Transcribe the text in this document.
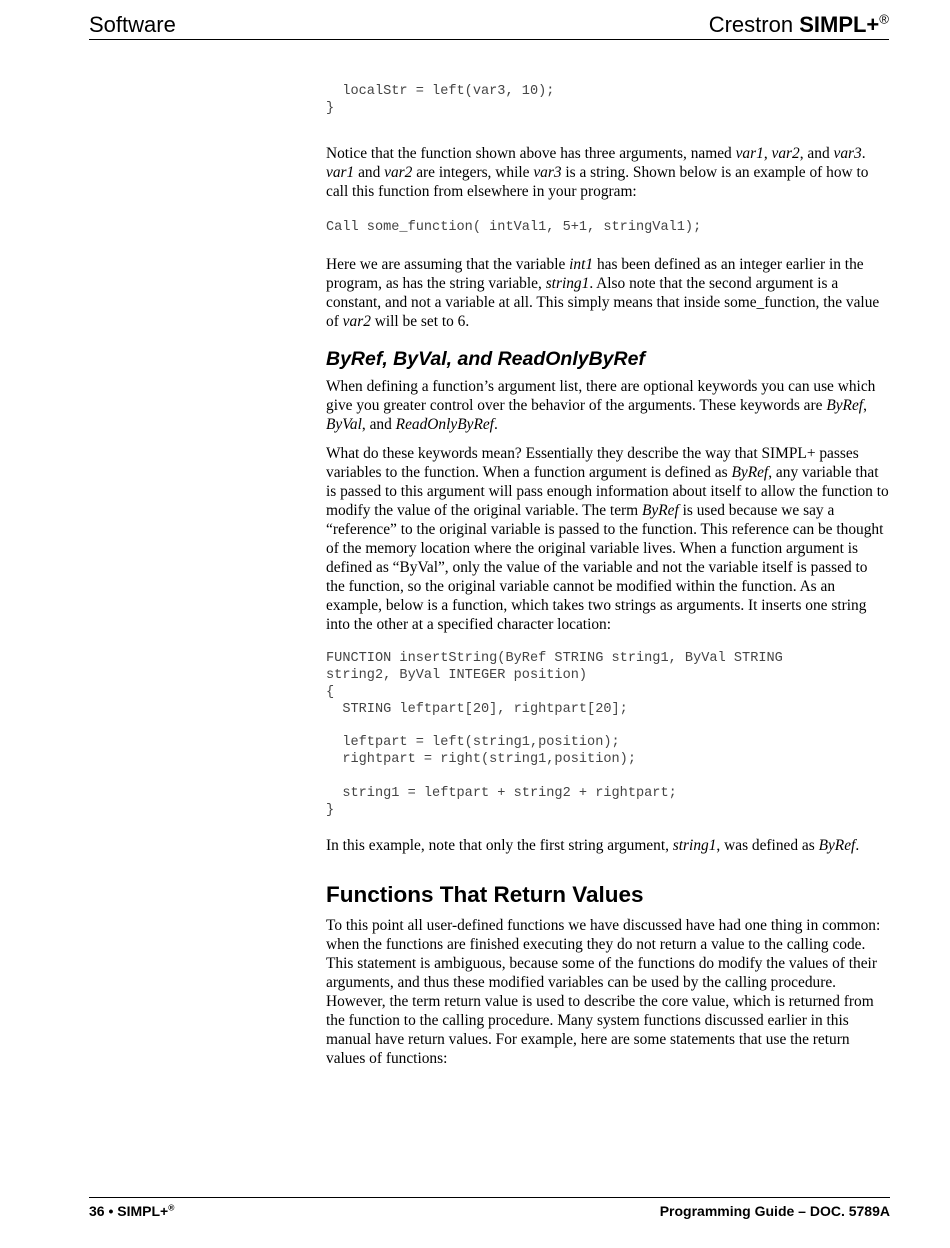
Software	Crestron SIMPL+®
localStr = left(var3, 10);
}

Notice that the function shown above has three arguments, named var1, var2, and var3. var1 and var2 are integers, while var3 is a string. Shown below is an example of how to call this function from elsewhere in your program:

Call some_function( intVal1, 5+1, stringVal1);

Here we are assuming that the variable int1 has been defined as an integer earlier in the program, as has the string variable, string1. Also note that the second argument is a constant, and not a variable at all. This simply means that inside some_function, the value of var2 will be set to 6.

ByRef, ByVal, and ReadOnlyByRef

When defining a function’s argument list, there are optional keywords you can use which give you greater control over the behavior of the arguments. These keywords are ByRef, ByVal, and ReadOnlyByRef.

What do these keywords mean? Essentially they describe the way that SIMPL+ passes variables to the function. When a function argument is defined as ByRef, any variable that is passed to this argument will pass enough information about itself to allow the function to modify the value of the original variable. The term ByRef is used because we say a “reference” to the original variable is passed to the function. This reference can be thought of the memory location where the original variable lives. When a function argument is defined as “ByVal”, only the value of the variable and not the variable itself is passed to the function, so the original variable cannot be modified within the function. As an example, below is a function, which takes two strings as arguments. It inserts one string into the other at a specified character location:

FUNCTION insertString(ByRef STRING string1, ByVal STRING
string2, ByVal INTEGER position)
{
STRING leftpart[20], rightpart[20];

leftpart = left(string1,position);
rightpart = right(string1,position);

string1 = leftpart + string2 + rightpart;
}

In this example, note that only the first string argument, string1, was defined as ByRef.

Functions That Return Values

To this point all user-defined functions we have discussed have had one thing in common: when the functions are finished executing they do not return a value to the calling code. This statement is ambiguous, because some of the functions do modify the values of their arguments, and thus these modified variables can be used by the calling procedure. However, the term return value is used to describe the core value, which is returned from the function to the calling procedure. Many system functions discussed earlier in this manual have return values. For example, here are some statements that use the return values of functions:

36 • SIMPL+®	Programming Guide – DOC. 5789A
